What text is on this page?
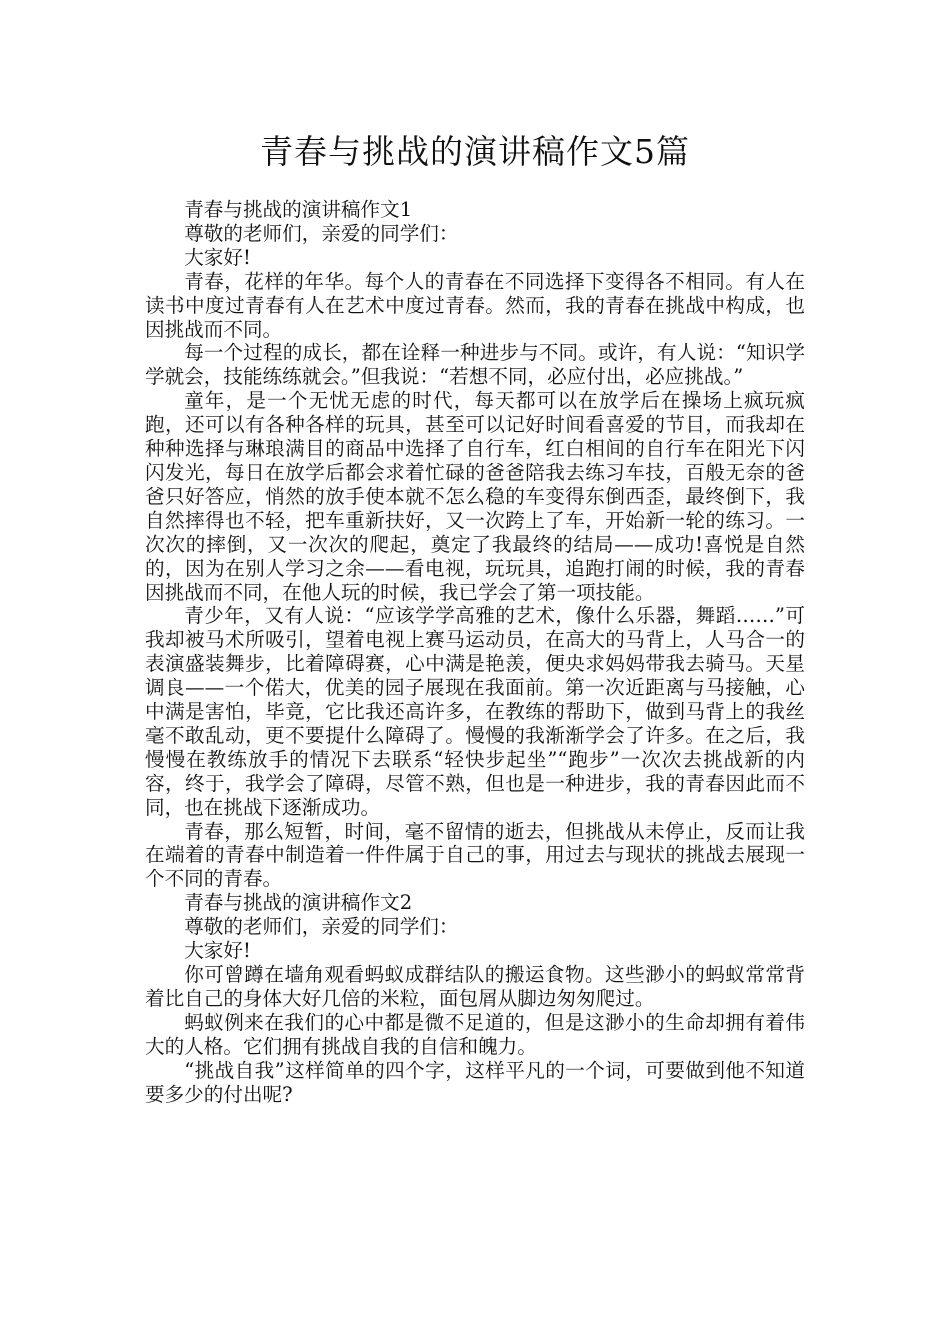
青春与挑战的演讲稿作文5篇

青春与挑战的演讲稿作文1

尊敬的老师们，亲爱的同学们：

大家好!

青春，花样的年华。每个人的青春在不同选择下变得各不相同。有人在读书中度过青春有人在艺术中度过青春。然而，我的青春在挑战中构成，也因挑战而不同。

每一个过程的成长，都在诠释一种进步与不同。或许，有人说：“知识学学就会，技能练练就会。”但我说：“若想不同，必应付出，必应挑战。”

童年，是一个无忧无虑的时代，每天都可以在放学后在操场上疯玩疯跑，还可以有各种各样的玩具，甚至可以记好时间看喜爱的节目，而我却在种种选择与琳琅满目的商品中选择了自行车，红白相间的自行车在阳光下闪闪发光，每日在放学后都会求着忙碌的爸爸陪我去练习车技，百般无奈的爸爸只好答应，悄然的放手使本就不怎么稳的车变得东倒西歪，最终倒下，我自然摔得也不轻，把车重新扶好，又一次跨上了车，开始新一轮的练习。一次次的摔倒，又一次次的爬起，奠定了我最终的结局——成功!喜悦是自然的，因为在别人学习之余——看电视，玩玩具，追跑打闹的时候，我的青春因挑战而不同，在他人玩的时候，我已学会了第一项技能。

青少年，又有人说：“应该学学高雅的艺术，像什么乐器，舞蹈……”可我却被马术所吸引，望着电视上赛马运动员，在高大的马背上，人马合一的表演盛装舞步，比着障碍赛，心中满是艳羡，便央求妈妈带我去骑马。天星调良——一个偌大，优美的园子展现在我面前。第一次近距离与马接触，心中满是害怕，毕竟，它比我还高许多，在教练的帮助下，做到马背上的我丝毫不敢乱动，更不要提什么障碍了。慢慢的我渐渐学会了许多。在之后，我慢慢在教练放手的情况下去联系“轻快步起坐”“跑步”一次次去挑战新的内容，终于，我学会了障碍，尽管不熟，但也是一种进步，我的青春因此而不同，也在挑战下逐渐成功。

青春，那么短暂，时间，毫不留情的逝去，但挑战从未停止，反而让我在端着的青春中制造着一件件属于自己的事，用过去与现状的挑战去展现一个不同的青春。

青春与挑战的演讲稿作文2

尊敬的老师们，亲爱的同学们：

大家好!

你可曾蹲在墙角观看蚂蚁成群结队的搬运食物。这些渺小的蚂蚁常常背着比自己的身体大好几倍的米粒，面包屑从脚边匆匆爬过。

蚂蚁例来在我们的心中都是微不足道的，但是这渺小的生命却拥有着伟大的人格。它们拥有挑战自我的自信和魄力。

“挑战自我”这样简单的四个字，这样平凡的一个词，可要做到他不知道要多少的付出呢?
